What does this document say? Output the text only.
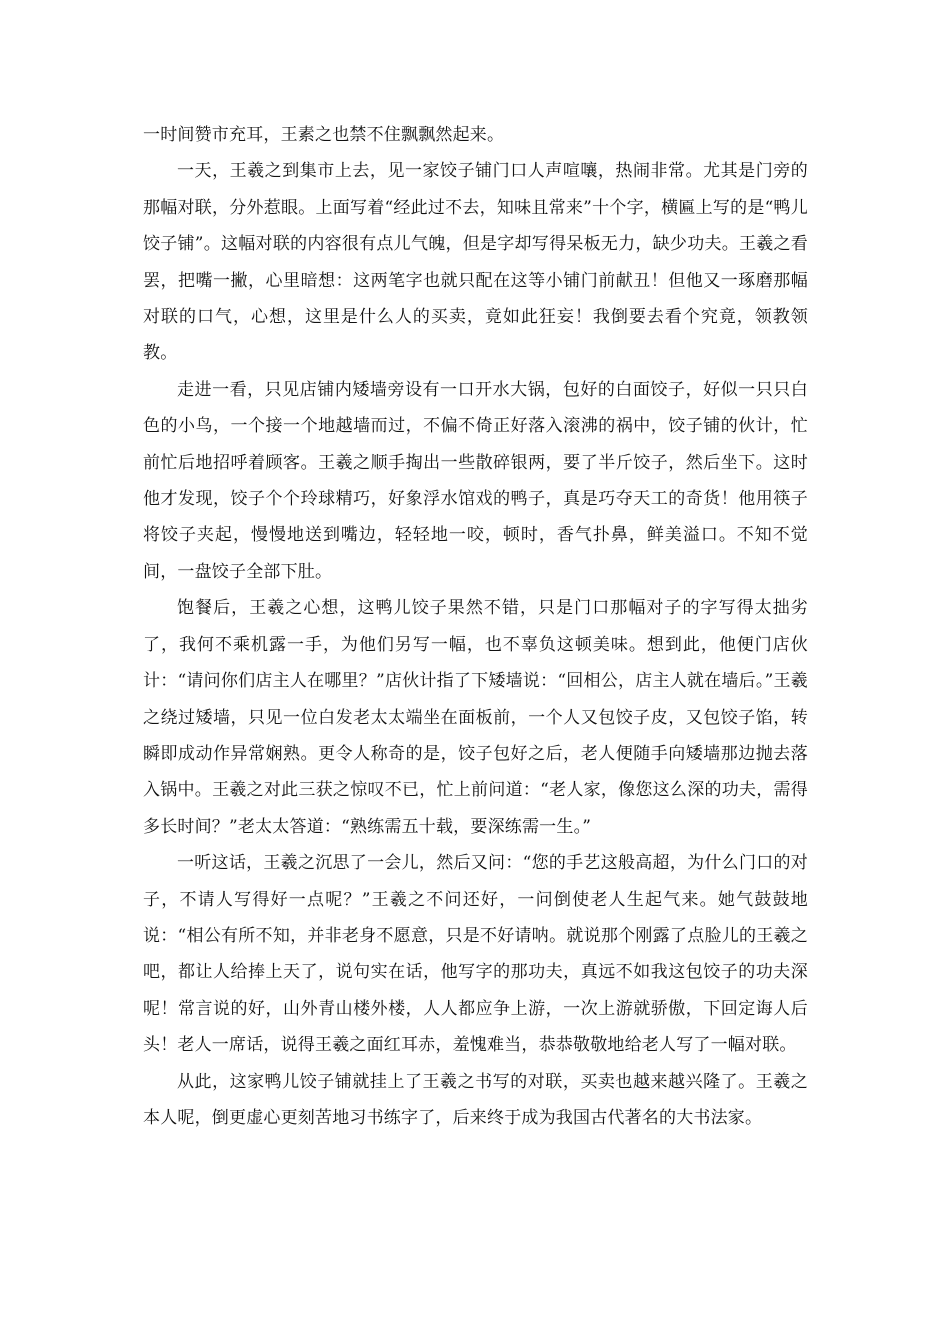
一时间赞市充耳，王素之也禁不住飘飘然起来。

一天，王羲之到集市上去，见一家饺子铺门口人声喧嚷，热闹非常。尤其是门旁的那幅对联，分外惹眼。上面写着“经此过不去，知味且常来”十个字，横匾上写的是“鸭儿饺子铺”。这幅对联的内容很有点儿气魄，但是字却写得呆板无力，缺少功夫。王羲之看罢，把嘴一撇，心里暗想：这两笔字也就只配在这等小铺门前献丑！但他又一琢磨那幅对联的口气，心想，这里是什么人的买卖，竟如此狂妄！我倒要去看个究竟，领教领教。

走进一看，只见店铺内矮墙旁设有一口开水大锅，包好的白面饺子，好似一只只白色的小鸟，一个接一个地越墙而过，不偏不倚正好落入滚沸的祸中，饺子铺的伙计，忙前忙后地招呼着顾客。王羲之顺手掏出一些散碎银两，要了半斤饺子，然后坐下。这时他才发现，饺子个个玲球精巧，好象浮水馆戏的鸭子，真是巧夺天工的奇货！他用筷子将饺子夹起，慢慢地送到嘴边，轻轻地一咬，顿时，香气扑鼻，鲜美溢口。不知不觉间，一盘饺子全部下肚。

饱餐后，王羲之心想，这鸭儿饺子果然不错，只是门口那幅对子的字写得太拙劣了，我何不乘机露一手，为他们另写一幅，也不辜负这顿美味。想到此，他便门店伙计：“请问你们店主人在哪里？”店伙计指了下矮墙说：“回相公，店主人就在墙后。”王羲之绕过矮墙，只见一位白发老太太端坐在面板前，一个人又包饺子皮，又包饺子馅，转瞬即成动作异常娴熟。更令人称奇的是，饺子包好之后，老人便随手向矮墙那边抛去落入锅中。王羲之对此三获之惊叹不已，忙上前问道：“老人家，像您这么深的功夫，需得多长时间？”老太太答道：“熟练需五十载，要深练需一生。”

一听这话，王羲之沉思了一会儿，然后又问：“您的手艺这般高超，为什么门口的对子，不请人写得好一点呢？”王羲之不问还好，一问倒使老人生起气来。她气鼓鼓地说：“相公有所不知，并非老身不愿意，只是不好请呐。就说那个刚露了点脸儿的王羲之吧，都让人给捧上天了，说句实在话，他写字的那功夫，真远不如我这包饺子的功夫深呢！常言说的好，山外青山楼外楼，人人都应争上游，一次上游就骄傲，下回定诲人后头！老人一席话，说得王羲之面红耳赤，羞愧难当，恭恭敬敬地给老人写了一幅对联。

从此，这家鸭儿饺子铺就挂上了王羲之书写的对联，买卖也越来越兴隆了。王羲之本人呢，倒更虚心更刻苦地习书练字了，后来终于成为我国古代著名的大书法家。
